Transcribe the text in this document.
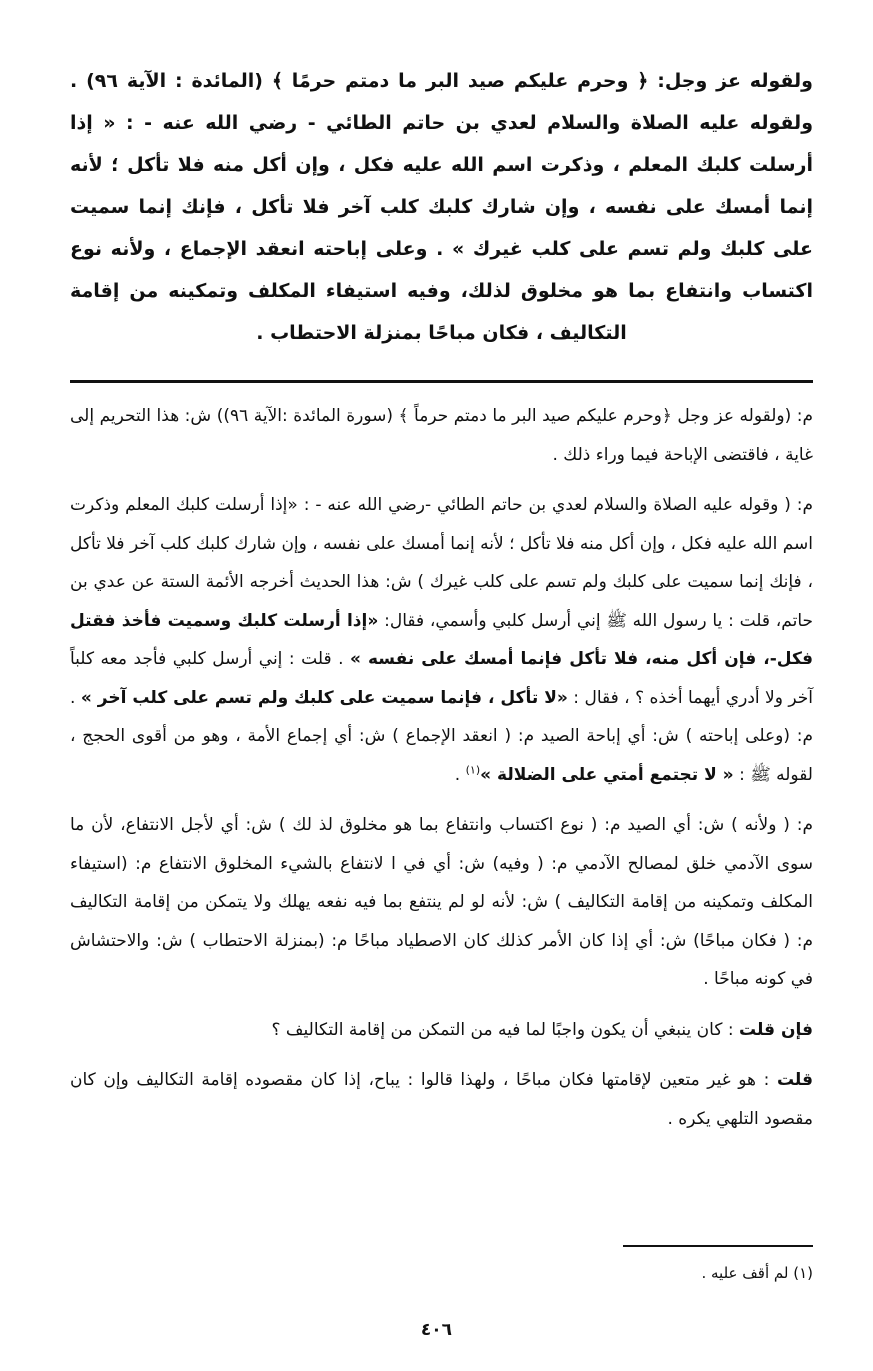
ولقوله عز وجل: ﴿ وحرم عليكم صيد البر ما دمتم حرمًا ﴾ (المائدة : الآية ٩٦) . ولقوله عليه الصلاة والسلام لعدي بن حاتم الطائي - رضي الله عنه - : « إذا أرسلت كلبك المعلم ، وذكرت اسم الله عليه فكل ، وإن أكل منه فلا تأكل ؛ لأنه إنما أمسك على نفسه ، وإن شارك كلبك كلب آخر فلا تأكل ، فإنك إنما سميت على كلبك ولم تسم على كلب غيرك » . وعلى إباحته انعقد الإجماع ، ولأنه نوع اكتساب وانتفاع بما هو مخلوق لذلك، وفيه استيفاء المكلف وتمكينه من إقامة التكاليف ، فكان مباحًا بمنزلة الاحتطاب .

م: (ولقوله عز وجل ﴿وحرم عليكم صيد البر ما دمتم حرماً ﴾ (سورة المائدة :الآية ٩٦)) ش: هذا التحريم إلى غاية ، فاقتضى الإباحة فيما وراء ذلك .

م: ( وقوله عليه الصلاة والسلام لعدي بن حاتم الطائي -رضي الله عنه - : «إذا أرسلت كلبك المعلم وذكرت اسم الله عليه فكل ، وإن أكل منه فلا تأكل ؛ لأنه إنما أمسك على نفسه ، وإن شارك كلبك كلب آخر فلا تأكل ، فإنك إنما سميت على كلبك ولم تسم على كلب غيرك ) ش: هذا الحديث أخرجه الأئمة الستة عن عدي بن حاتم، قلت : يا رسول الله ﷺ إني أرسل كلبي وأسمي، فقال: «إذا أرسلت كلبك وسميت فأخذ فقتل فكل-، فإن أكل منه، فلا تأكل فإنما أمسك على نفسه » . قلت : إني أرسل كلبي فأجد معه كلباً آخر ولا أدري أيهما أخذه ؟ ، فقال : «لا تأكل ، فإنما سميت على كلبك ولم تسم على كلب آخر » . م: (وعلى إباحته ) ش: أي إباحة الصيد م: ( انعقد الإجماع ) ش: أي إجماع الأمة ، وهو من أقوى الحجج ، لقوله ﷺ : « لا تجتمع أمتي على الضلالة »$^{(١)}$ .

م: ( ولأنه ) ش: أي الصيد م: ( نوع اكتساب وانتفاع بما هو مخلوق لذ لك ) ش: أي لأجل الانتفاع، لأن ما سوى الآدمي خلق لمصالح الآدمي م: ( وفيه) ش: أي في ا لانتفاع بالشيء المخلوق الانتفاع م: (استيفاء المكلف وتمكينه من إقامة التكاليف ) ش: لأنه لو لم ينتفع بما فيه نفعه يهلك ولا يتمكن من إقامة التكاليف م: ( فكان مباحًا) ش: أي إذا كان الأمر كذلك كان الاصطياد مباحًا م: (بمنزلة الاحتطاب ) ش: والاحتشاش في كونه مباحًا .

فإن قلت : كان ينبغي أن يكون واجبًا لما فيه من التمكن من إقامة التكاليف ؟

قلت : هو غير متعين لإقامتها فكان مباحًا ، ولهذا قالوا : يباح، إذا كان مقصوده إقامة التكاليف وإن كان مقصود التلهي يكره .

(١) لم أقف عليه .
٤٠٦
